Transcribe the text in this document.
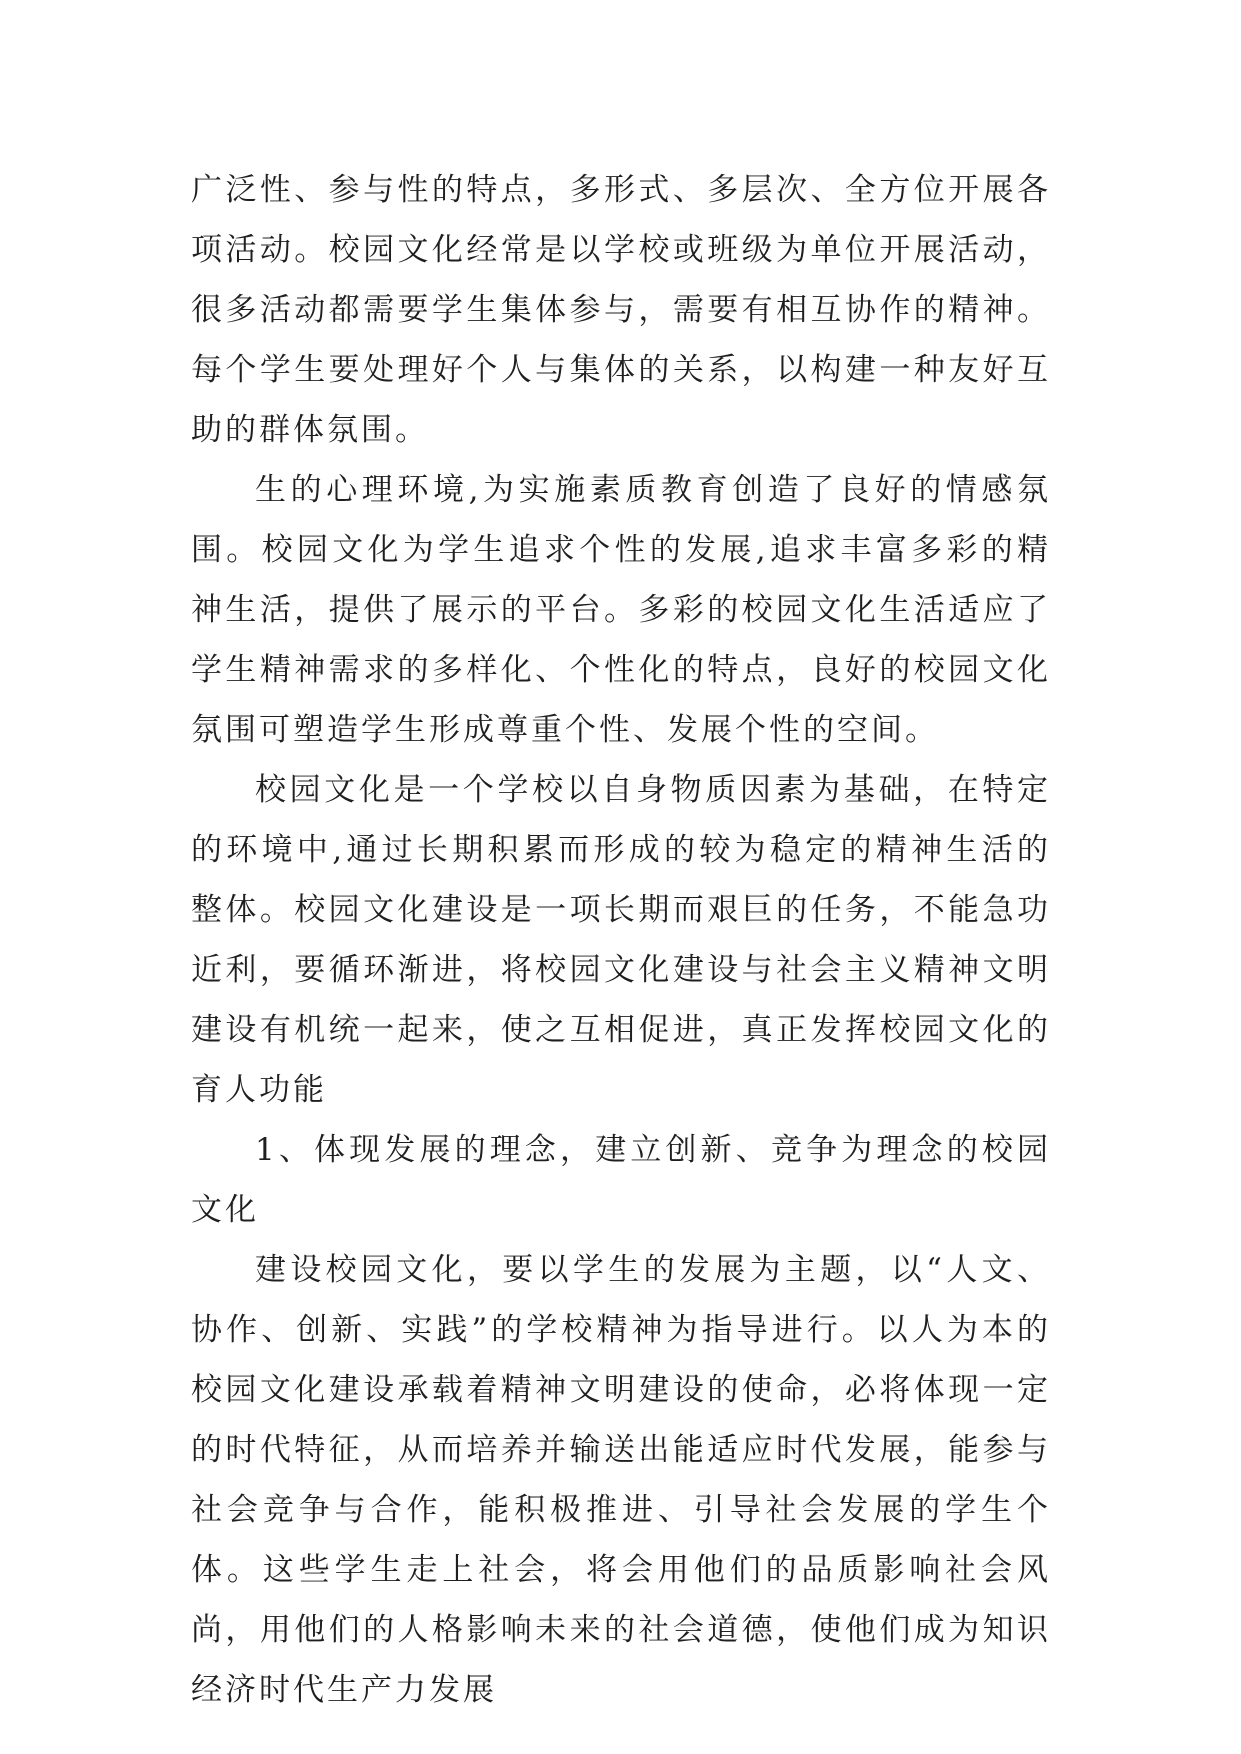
广泛性、参与性的特点，多形式、多层次、全方位开展各项活动。校园文化经常是以学校或班级为单位开展活动，很多活动都需要学生集体参与，需要有相互协作的精神。每个学生要处理好个人与集体的关系，以构建一种友好互助的群体氛围。

生的心理环境,为实施素质教育创造了良好的情感氛围。校园文化为学生追求个性的发展,追求丰富多彩的精神生活，提供了展示的平台。多彩的校园文化生活适应了学生精神需求的多样化、个性化的特点，良好的校园文化氛围可塑造学生形成尊重个性、发展个性的空间。

校园文化是一个学校以自身物质因素为基础，在特定的环境中,通过长期积累而形成的较为稳定的精神生活的整体。校园文化建设是一项长期而艰巨的任务，不能急功近利，要循环渐进，将校园文化建设与社会主义精神文明建设有机统一起来，使之互相促进，真正发挥校园文化的育人功能

1、体现发展的理念，建立创新、竞争为理念的校园文化

建设校园文化，要以学生的发展为主题，以“人文、协作、创新、实践”的学校精神为指导进行。以人为本的校园文化建设承载着精神文明建设的使命，必将体现一定的时代特征，从而培养并输送出能适应时代发展，能参与社会竞争与合作，能积极推进、引导社会发展的学生个体。这些学生走上社会，将会用他们的品质影响社会风尚，用他们的人格影响未来的社会道德，使他们成为知识经济时代生产力发展
